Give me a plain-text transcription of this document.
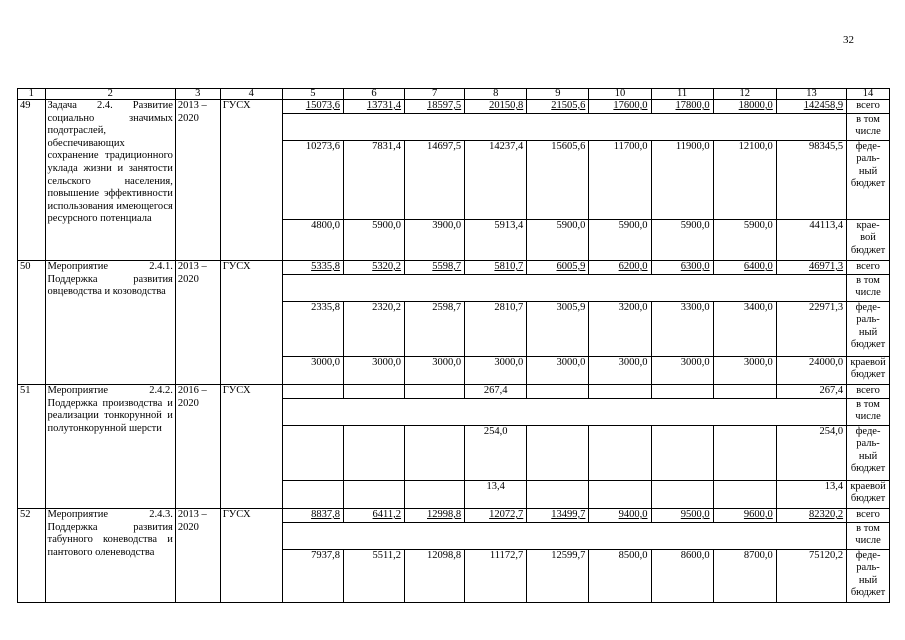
32
1	2	3	4	5	6	7	8	9	10	11	12	13	14
49	Задача 2.4. Развитие социально значимых подотраслей, обеспечивающих сохранение традиционного уклада жизни и занятости сельского населения, повышение эффективности использования имеющегося ресурсного потенциала	2013 – 2020	ГУСХ	15073,6	13731,4	18597,5	20150,8	21505,6	17600,0	17800,0	18000,0	142458,9	всего
													в том числе
				10273,6	7831,4	14697,5	14237,4	15605,6	11700,0	11900,0	12100,0	98345,5	феде- раль- ный бюджет
				4800,0	5900,0	3900,0	5913,4	5900,0	5900,0	5900,0	5900,0	44113,4	крае- вой бюджет
50	Мероприятие 2.4.1. Поддержка развития овцеводства и козоводства	2013 – 2020	ГУСХ	5335,8	5320,2	5598,7	5810,7	6005,9	6200,0	6300,0	6400,0	46971,3	всего
													в том числе
				2335,8	2320,2	2598,7	2810,7	3005,9	3200,0	3300,0	3400,0	22971,3	феде- раль- ный бюджет
				3000,0	3000,0	3000,0	3000,0	3000,0	3000,0	3000,0	3000,0	24000,0	краевой бюджет
51	Мероприятие 2.4.2. Поддержка производства и реализации тонкорунной и полутонкорунной шерсти	2016 – 2020	ГУСХ				267,4					267,4	всего
													в том числе
							254,0					254,0	феде- раль- ный бюджет
							13,4					13,4	краевой бюджет
52	Мероприятие 2.4.3. Поддержка развития табунного коневодства и пантового оленеводства	2013 – 2020	ГУСХ	8837,8	6411,2	12998,8	12072,7	13499,7	9400,0	9500,0	9600,0	82320,2	всего
													в том числе
				7937,8	5511,2	12098,8	11172,7	12599,7	8500,0	8600,0	8700,0	75120,2	феде- раль- ный бюджет
